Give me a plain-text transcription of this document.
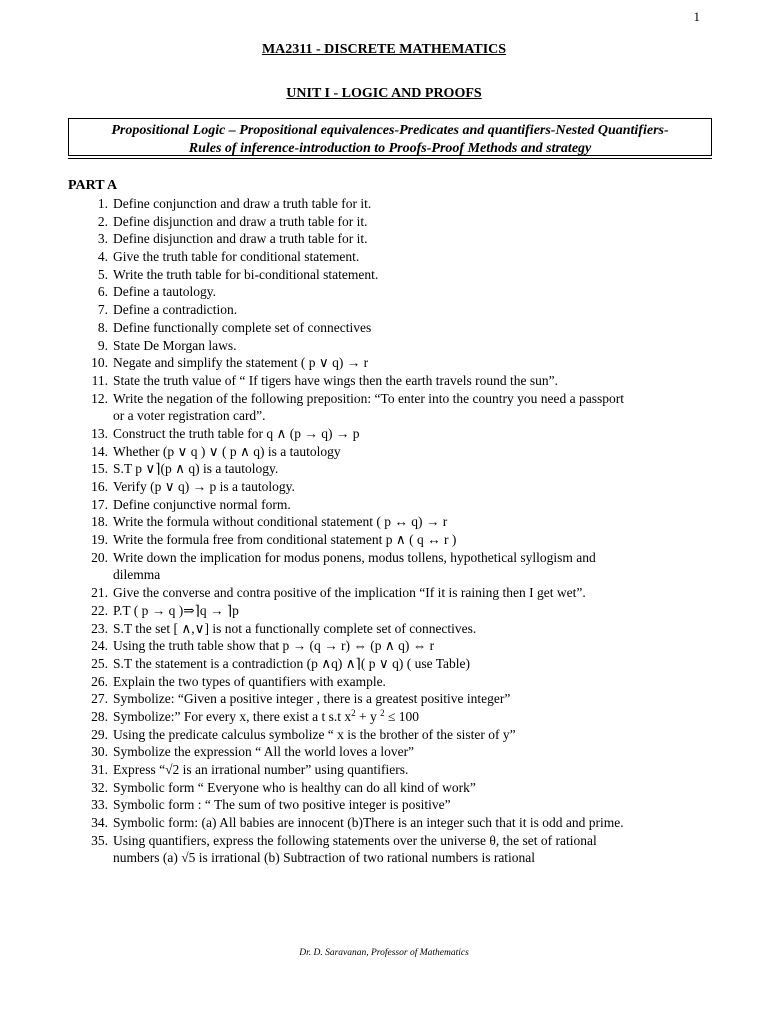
1
MA2311 - DISCRETE MATHEMATICS
UNIT I - LOGIC AND PROOFS
Propositional Logic – Propositional equivalences-Predicates and quantifiers-Nested Quantifiers-
Rules of inference-introduction to Proofs-Proof Methods and strategy
PART A
1. Define conjunction and draw a truth table for it.
2. Define disjunction and draw a truth table for it.
3. Define disjunction and draw a truth table for it.
4. Give the truth table for conditional statement.
5. Write the truth table for bi-conditional statement.
6. Define a tautology.
7. Define a contradiction.
8. Define functionally complete set of connectives
9. State De Morgan laws.
10. Negate and simplify the statement ( p ∨ q) → r
11. State the truth value of “ If tigers have wings then the earth travels round the sun”.
12. Write the negation of the following preposition: “To enter into the country you need a passport
or a voter registration card”.
13. Construct the truth table for q ∧ (p → q) → p
14. Whether (p ∨ q ) ∨ ( p ∧ q) is a tautology
15. S.T p ∨⌉(p ∧ q) is a tautology.
16. Verify (p ∨ q) → p is a tautology.
17. Define conjunctive normal form.
18. Write the formula without conditional statement ( p ↔ q) → r
19. Write the formula free from conditional statement p ∧ ( q ↔ r )
20. Write down the implication for modus ponens, modus tollens, hypothetical syllogism and
dilemma
21. Give the converse and contra positive of the implication “If it is raining then I get wet”.
22. P.T ( p → q )⇒⌉q → ⌉p
23. S.T the set [ ∧,∨] is not a functionally complete set of connectives.
24. Using the truth table show that p → (q → r) ⇔ (p ∧ q) ⇔ r
25. S.T the statement is a contradiction (p ∧q) ∧⌉( p ∨ q) ( use Table)
26. Explain the two types of quantifiers with example.
27. Symbolize: “Given a positive integer , there is a greatest positive integer”
28. Symbolize:” For every x, there exist a t s.t $x^2 + y$ $^2$ ≤ 100
29. Using the predicate calculus symbolize “ x is the brother of the sister of y”
30. Symbolize the expression “ All the world loves a lover”
31. Express “√2 is an irrational number” using quantifiers.
32. Symbolic form “ Everyone who is healthy can do all kind of work”
33. Symbolic form : “ The sum of two positive integer is positive”
34. Symbolic form: (a) All babies are innocent (b)There is an integer such that it is odd and prime.
35. Using quantifiers, express the following statements over the universe θ, the set of rational
numbers (a) √5 is irrational (b) Subtraction of two rational numbers is rational
Dr. D. Saravanan, Professor of Mathematics
